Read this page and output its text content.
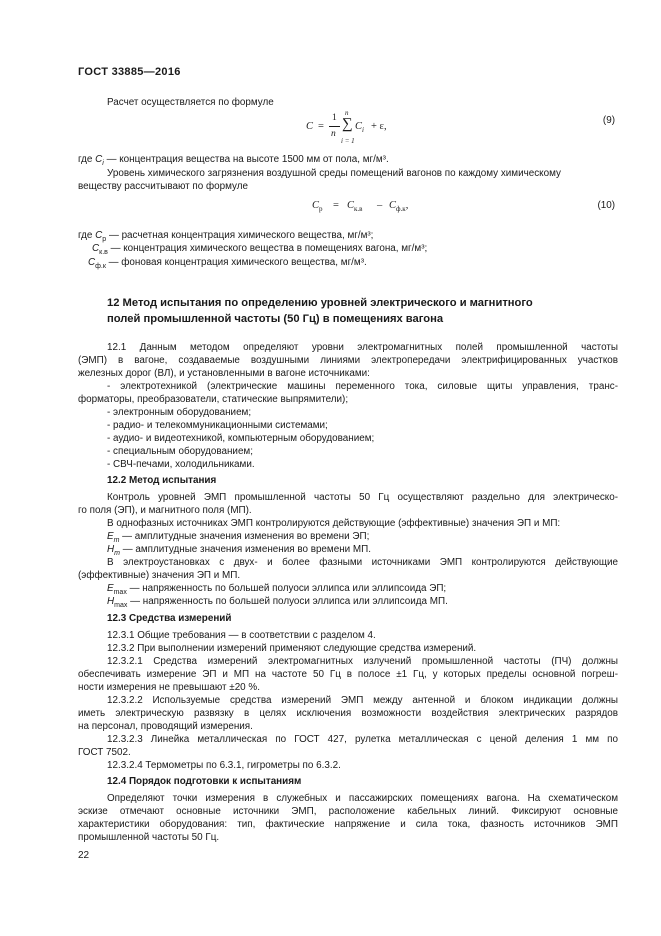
ГОСТ 33885—2016
Расчет осуществляется по формуле
C =
1
n
∑
n
i = 1
$C_i + \varepsilon$,
(9)
где $C_i$ — концентрация вещества на высоте 1500 мм от пола, мг/м³.
Уровень химического загрязнения воздушной среды помещений вагонов по каждому химическому
веществу рассчитывают по формуле
$C_р = C_{к.в} - C_{ф.к}$,	(10)
где $C_р$ — расчетная концентрация химического вещества, мг/м³;
$C_{к.в}$ — концентрация химического вещества в помещениях вагона, мг/м³;
$C_{ф.к}$ — фоновая концентрация химического вещества, мг/м³.
12 Метод испытания по определению уровней электрического и магнитного
полей промышленной частоты (50 Гц) в помещениях вагона
12.1 Данным методом определяют уровни электромагнитных полей промышленной частоты
(ЭМП) в вагоне, создаваемые воздушными линиями электропередачи электрифицированных участков
железных дорог (ВЛ), и установленными в вагоне источниками:
- электротехникой (электрические машины переменного тока, силовые щиты управления, транс-
форматоры, преобразователи, статические выпрямители);
- электронным оборудованием;
- радио- и телекоммуникационными системами;
- аудио- и видеотехникой, компьютерным оборудованием;
- специальным оборудованием;
- СВЧ-печами, холодильниками.
12.2 Метод испытания
Контроль уровней ЭМП промышленной частоты 50 Гц осуществляют раздельно для электрическо-
го поля (ЭП), и магнитного поля (МП).
В однофазных источниках ЭМП контролируются действующие (эффективные) значения ЭП и МП:
$E_m$ — амплитудные значения изменения во времени ЭП;
$H_m$ — амплитудные значения изменения во времени МП.
В электроустановках с двух- и более фазными источниками ЭМП контролируются действующие
(эффективные) значения ЭП и МП.
$E_{max}$ — напряженность по большей полуоси эллипса или эллипсоида ЭП;
$H_{max}$ — напряженность по большей полуоси эллипса или эллипсоида МП.
12.3 Средства измерений
12.3.1 Общие требования — в соответствии с разделом 4.
12.3.2 При выполнении измерений применяют следующие средства измерений.
12.3.2.1 Средства измерений электромагнитных излучений промышленной частоты (ПЧ) должны
обеспечивать измерение ЭП и МП на частоте 50 Гц в полосе ±1 Гц, у которых пределы основной погреш-
ности измерения не превышают ±20 %.
12.3.2.2 Используемые средства измерений ЭМП между антенной и блоком индикации должны
иметь электрическую развязку в целях исключения возможности воздействия электрических разрядов
на персонал, проводящий измерения.
12.3.2.3 Линейка металлическая по ГОСТ 427, рулетка металлическая с ценой деления 1 мм по
ГОСТ 7502.
12.3.2.4 Термометры по 6.3.1, гигрометры по 6.3.2.
12.4 Порядок подготовки к испытаниям
Определяют точки измерения в служебных и пассажирских помещениях вагона. На схематическом
эскизе отмечают основные источники ЭМП, расположение кабельных линий. Фиксируют основные
характеристики оборудования: тип, фактические напряжение и сила тока, фазность источников ЭМП
промышленной частоты 50 Гц.
22
